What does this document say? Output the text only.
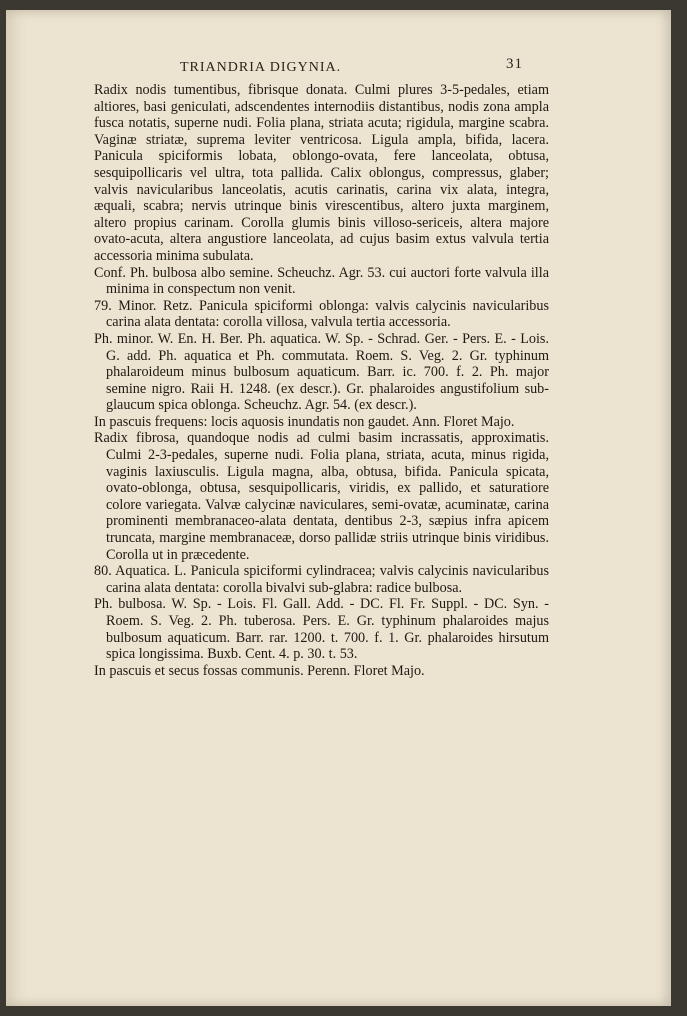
TRIANDRIA DIGYNIA.	31

Radix nodis tumentibus, fibrisque donata. Culmi plures 3-5-pedales, etiam altiores, basi geniculati, adscendentes internodiis distantibus, nodis zona ampla fusca notatis, superne nudi. Folia plana, striata acuta; rigidula, margine scabra. Vaginæ striatæ, suprema leviter ventricosa. Ligula ampla, bifida, lacera. Panicula spiciformis lobata, oblongo-ovata, fere lanceolata, obtusa, sesquipollicaris vel ultra, tota pallida. Calix oblongus, compressus, glaber; valvis navicularibus lanceolatis, acutis carinatis, carina vix alata, integra, æquali, scabra; nervis utrinque binis virescentibus, altero juxta marginem, altero propius carinam. Corolla glumis binis villoso-sericeis, altera majore ovato-acuta, altera angustiore lanceolata, ad cujus basim extus valvula tertia accessoria minima subulata.

Conf. Ph. bulbosa albo semine. Scheuchz. Agr. 53. cui auctori forte valvula illa minima in conspectum non venit.

79. Minor. Retz. Panicula spiciformi oblonga: valvis calycinis navicularibus carina alata dentata: corolla villosa, valvula tertia accessoria.

Ph. minor. W. En. H. Ber. Ph. aquatica. W. Sp. - Schrad. Ger. - Pers. E. - Lois. G. add. Ph. aquatica et Ph. commutata. Roem. S. Veg. 2. Gr. typhinum phalaroideum minus bulbosum aquaticum. Barr. ic. 700. f. 2. Ph. major semine nigro. Raii H. 1248. (ex descr.). Gr. phalaroides angustifolium sub-glaucum spica oblonga. Scheuchz. Agr. 54. (ex descr.).

In pascuis frequens: locis aquosis inundatis non gaudet. Ann. Floret Majo.

Radix fibrosa, quandoque nodis ad culmi basim incrassatis, approximatis. Culmi 2-3-pedales, superne nudi. Folia plana, striata, acuta, minus rigida, vaginis laxiusculis. Ligula magna, alba, obtusa, bifida. Panicula spicata, ovato-oblonga, obtusa, sesquipollicaris, viridis, ex pallido, et saturatiore colore variegata. Valvæ calycinæ naviculares, semi-ovatæ, acuminatæ, carina prominenti membranaceo-alata dentata, dentibus 2-3, sæpius infra apicem truncata, margine membranaceæ, dorso pallidæ striis utrinque binis viridibus. Corolla ut in præcedente.

80. Aquatica. L. Panicula spiciformi cylindracea; valvis calycinis navicularibus carina alata dentata: corolla bivalvi sub-glabra: radice bulbosa.

Ph. bulbosa. W. Sp. - Lois. Fl. Gall. Add. - DC. Fl. Fr. Suppl. - DC. Syn. - Roem. S. Veg. 2. Ph. tuberosa. Pers. E. Gr. typhinum phalaroides majus bulbosum aquaticum. Barr. rar. 1200. t. 700. f. 1. Gr. phalaroides hirsutum spica longissima. Buxb. Cent. 4. p. 30. t. 53.

In pascuis et secus fossas communis. Perenn. Floret Majo.
